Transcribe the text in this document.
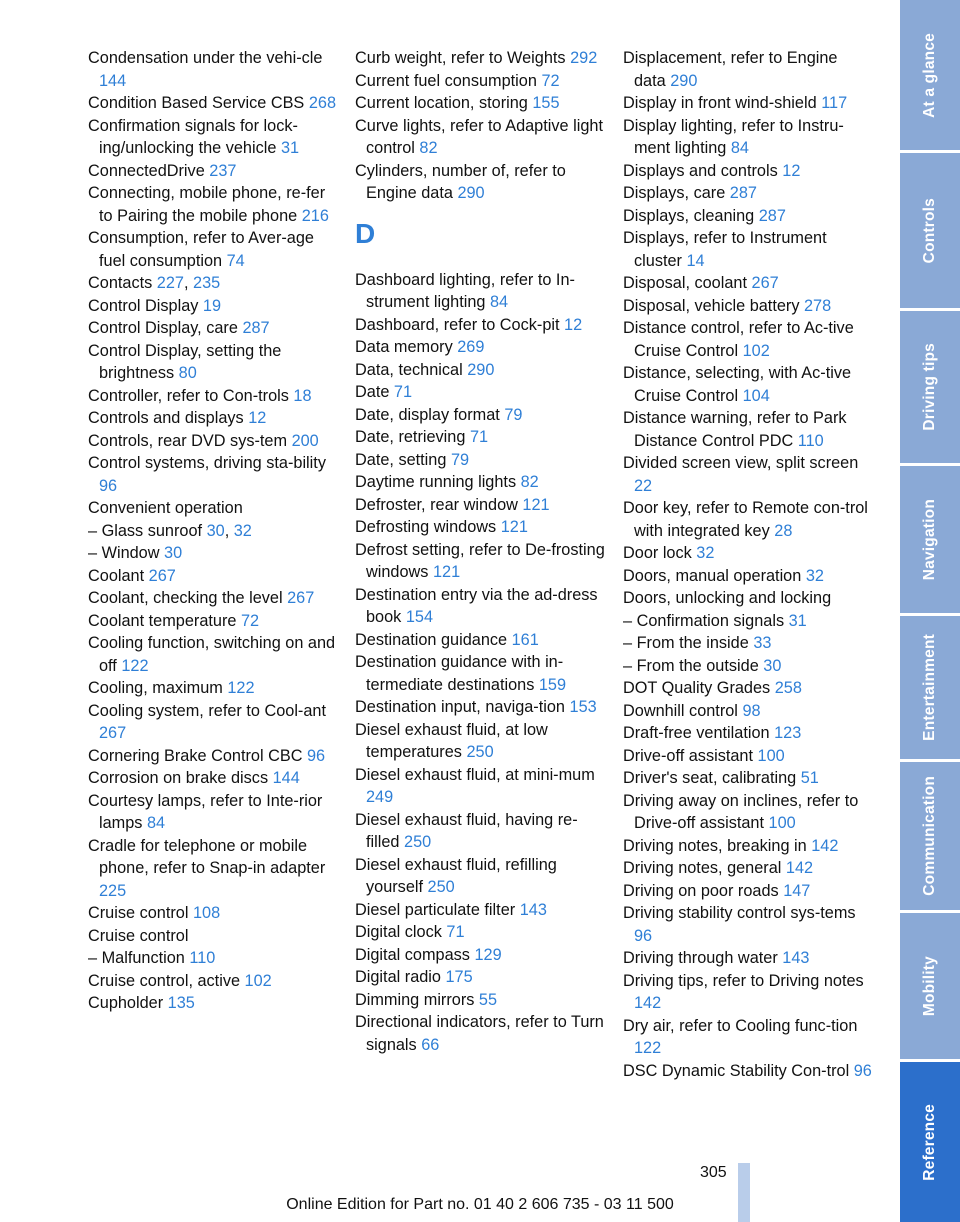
Condensation under the vehi-cle 144
Condition Based Service CBS 268
Confirmation signals for lock-ing/unlocking the vehicle 31
ConnectedDrive 237
Connecting, mobile phone, re-fer to Pairing the mobile phone 216
Consumption, refer to Aver-age fuel consumption 74
Contacts 227, 235
Control Display 19
Control Display, care 287
Control Display, setting the brightness 80
Controller, refer to Con-trols 18
Controls and displays 12
Controls, rear DVD sys-tem 200
Control systems, driving sta-bility 96
Convenient operation
– Glass sunroof 30, 32
– Window 30
Coolant 267
Coolant, checking the level 267
Coolant temperature 72
Cooling function, switching on and off 122
Cooling, maximum 122
Cooling system, refer to Cool-ant 267
Cornering Brake Control CBC 96
Corrosion on brake discs 144
Courtesy lamps, refer to Inte-rior lamps 84
Cradle for telephone or mobile phone, refer to Snap-in adapter 225
Cruise control 108
Cruise control
– Malfunction 110
Cruise control, active 102
Cupholder 135
Curb weight, refer to Weights 292
Current fuel consumption 72
Current location, storing 155
Curve lights, refer to Adaptive light control 82
Cylinders, number of, refer to Engine data 290
D
Dashboard lighting, refer to In-strument lighting 84
Dashboard, refer to Cock-pit 12
Data memory 269
Data, technical 290
Date 71
Date, display format 79
Date, retrieving 71
Date, setting 79
Daytime running lights 82
Defroster, rear window 121
Defrosting windows 121
Defrost setting, refer to De-frosting windows 121
Destination entry via the ad-dress book 154
Destination guidance 161
Destination guidance with in-termediate destinations 159
Destination input, naviga-tion 153
Diesel exhaust fluid, at low temperatures 250
Diesel exhaust fluid, at mini-mum 249
Diesel exhaust fluid, having re-filled 250
Diesel exhaust fluid, refilling yourself 250
Diesel particulate filter 143
Digital clock 71
Digital compass 129
Digital radio 175
Dimming mirrors 55
Directional indicators, refer to Turn signals 66
Displacement, refer to Engine data 290
Display in front wind-shield 117
Display lighting, refer to Instru-ment lighting 84
Displays and controls 12
Displays, care 287
Displays, cleaning 287
Displays, refer to Instrument cluster 14
Disposal, coolant 267
Disposal, vehicle battery 278
Distance control, refer to Ac-tive Cruise Control 102
Distance, selecting, with Ac-tive Cruise Control 104
Distance warning, refer to Park Distance Control PDC 110
Divided screen view, split screen 22
Door key, refer to Remote con-trol with integrated key 28
Door lock 32
Doors, manual operation 32
Doors, unlocking and locking
– Confirmation signals 31
– From the inside 33
– From the outside 30
DOT Quality Grades 258
Downhill control 98
Draft-free ventilation 123
Drive-off assistant 100
Driver's seat, calibrating 51
Driving away on inclines, refer to Drive-off assistant 100
Driving notes, breaking in 142
Driving notes, general 142
Driving on poor roads 147
Driving stability control sys-tems 96
Driving through water 143
Driving tips, refer to Driving notes 142
Dry air, refer to Cooling func-tion 122
DSC Dynamic Stability Con-trol 96
At a glance
Controls
Driving tips
Navigation
Entertainment
Communication
Mobility
Reference
305
Online Edition for Part no. 01 40 2 606 735 - 03 11 500
